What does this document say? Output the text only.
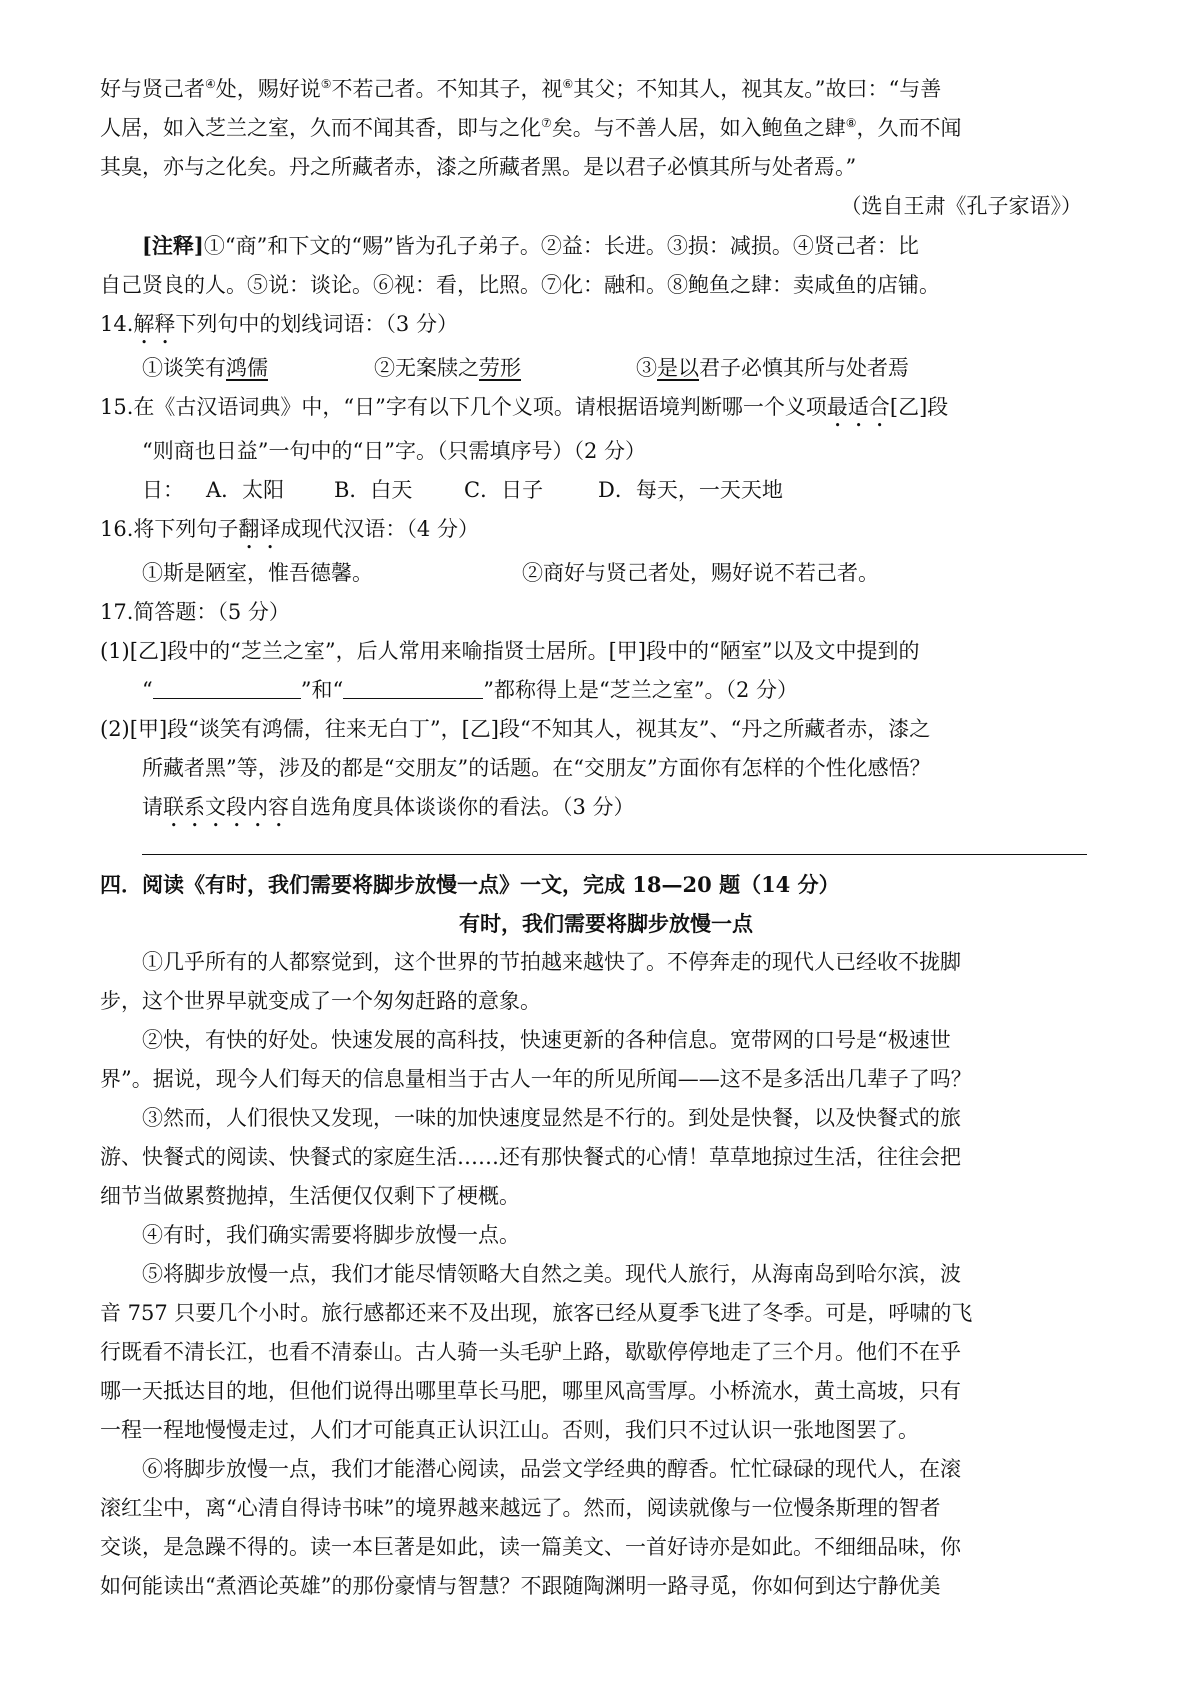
好与贤己者④处，赐好说⑤不若己者。不知其子，视⑥其父；不知其人，视其友。”故曰：“与善

人居，如入芝兰之室，久而不闻其香，即与之化⑦矣。与不善人居，如入鲍鱼之肆⑧，久而不闻

其臭，亦与之化矣。丹之所藏者赤，漆之所藏者黑。是以君子必慎其所与处者焉。”

（选自王肃《孔子家语》）

[注释]①“商”和下文的“赐”皆为孔子弟子。②益：长进。③损：减损。④贤己者：比

自己贤良的人。⑤说：谈论。⑥视：看，比照。⑦化：融和。⑧鲍鱼之肆：卖咸鱼的店铺。

14.解释下列句中的划线词语：（3 分）

①谈笑有鸿儒	②无案牍之劳形	③是以君子必慎其所与处者焉

15.在《古汉语词典》中，“日”字有以下几个义项。请根据语境判断哪一个义项最适合[乙]段

“则商也日益”一句中的“日”字。（只需填序号）（2 分）

日：	A．太阳	B．白天	C．日子	D．每天，一天天地

16.将下列句子翻译成现代汉语：（4 分）

①斯是陋室，惟吾德馨。	②商好与贤己者处，赐好说不若己者。

17.简答题：（5 分）

(1)[乙]段中的“芝兰之室”，后人常用来喻指贤士居所。[甲]段中的“陋室”以及文中提到的

“	”和“	”都称得上是“芝兰之室”。（2 分）

(2)[甲]段“谈笑有鸿儒，往来无白丁”，[乙]段“不知其人，视其友”、“丹之所藏者赤，漆之

所藏者黑”等，涉及的都是“交朋友”的话题。在“交朋友”方面你有怎样的个性化感悟？

请联系文段内容自选角度具体谈谈你的看法。（3 分）

四．阅读《有时，我们需要将脚步放慢一点》一文，完成 18—20 题（14 分）

有时，我们需要将脚步放慢一点

①几乎所有的人都察觉到，这个世界的节拍越来越快了。不停奔走的现代人已经收不拢脚

步，这个世界早就变成了一个匆匆赶路的意象。

②快，有快的好处。快速发展的高科技，快速更新的各种信息。宽带网的口号是“极速世

界”。据说，现今人们每天的信息量相当于古人一年的所见所闻——这不是多活出几辈子了吗？

③然而，人们很快又发现，一味的加快速度显然是不行的。到处是快餐，以及快餐式的旅

游、快餐式的阅读、快餐式的家庭生活……还有那快餐式的心情！草草地掠过生活，往往会把

细节当做累赘抛掉，生活便仅仅剩下了梗概。

④有时，我们确实需要将脚步放慢一点。

⑤将脚步放慢一点，我们才能尽情领略大自然之美。现代人旅行，从海南岛到哈尔滨，波

音 757 只要几个小时。旅行感都还来不及出现，旅客已经从夏季飞进了冬季。可是，呼啸的飞

行既看不清长江，也看不清泰山。古人骑一头毛驴上路，歇歇停停地走了三个月。他们不在乎

哪一天抵达目的地，但他们说得出哪里草长马肥，哪里风高雪厚。小桥流水，黄土高坡，只有

一程一程地慢慢走过，人们才可能真正认识江山。否则，我们只不过认识一张地图罢了。

⑥将脚步放慢一点，我们才能潜心阅读，品尝文学经典的醇香。忙忙碌碌的现代人，在滚

滚红尘中，离“心清自得诗书味”的境界越来越远了。然而，阅读就像与一位慢条斯理的智者

交谈，是急躁不得的。读一本巨著是如此，读一篇美文、一首好诗亦是如此。不细细品味，你

如何能读出“煮酒论英雄”的那份豪情与智慧？不跟随陶渊明一路寻觅，你如何到达宁静优美
